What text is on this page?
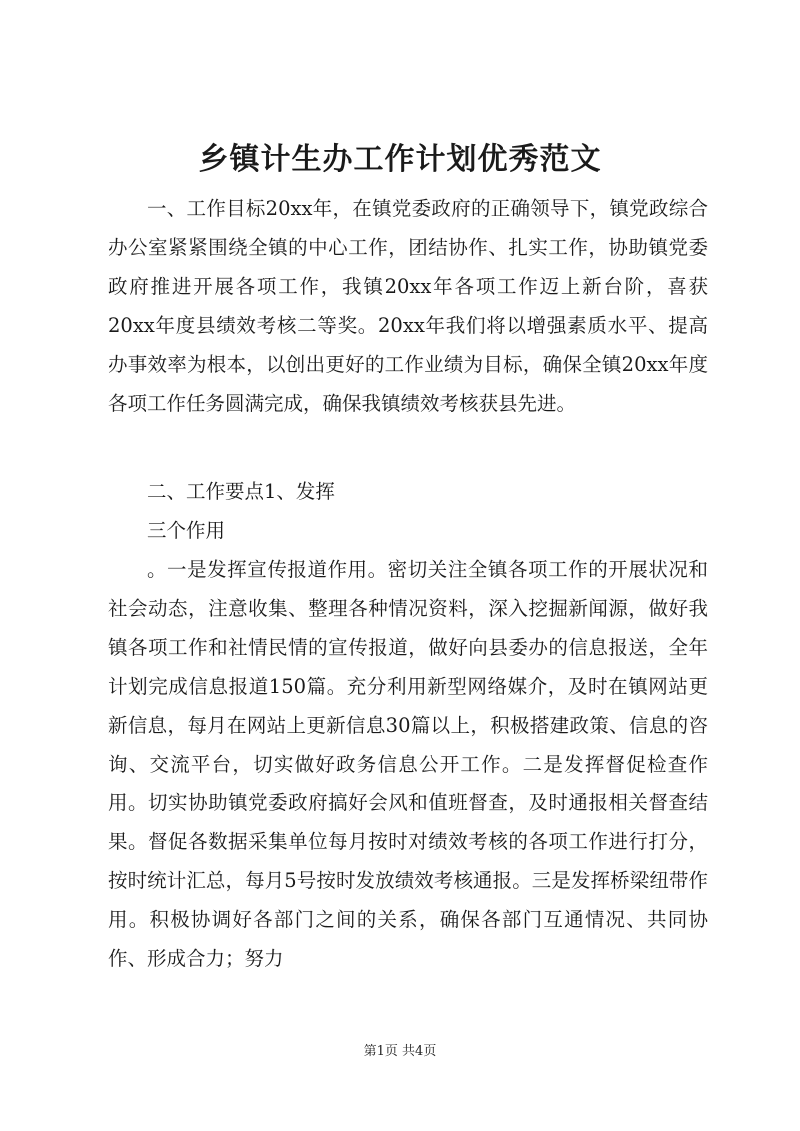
乡镇计生办工作计划优秀范文

一、工作目标20xx年，在镇党委政府的正确领导下，镇党政综合办公室紧紧围绕全镇的中心工作，团结协作、扎实工作，协助镇党委政府推进开展各项工作，我镇20xx年各项工作迈上新台阶，喜获20xx年度县绩效考核二等奖。20xx年我们将以增强素质水平、提高办事效率为根本，以创出更好的工作业绩为目标，确保全镇20xx年度各项工作任务圆满完成，确保我镇绩效考核获县先进。

二、工作要点1、发挥

三个作用

。一是发挥宣传报道作用。密切关注全镇各项工作的开展状况和社会动态，注意收集、整理各种情况资料，深入挖掘新闻源，做好我镇各项工作和社情民情的宣传报道，做好向县委办的信息报送，全年计划完成信息报道150篇。充分利用新型网络媒介，及时在镇网站更新信息，每月在网站上更新信息30篇以上，积极搭建政策、信息的咨询、交流平台，切实做好政务信息公开工作。二是发挥督促检查作用。切实协助镇党委政府搞好会风和值班督查，及时通报相关督查结果。督促各数据采集单位每月按时对绩效考核的各项工作进行打分，按时统计汇总，每月5号按时发放绩效考核通报。三是发挥桥梁纽带作用。积极协调好各部门之间的关系，确保各部门互通情况、共同协作、形成合力；努力

第1页 共4页
